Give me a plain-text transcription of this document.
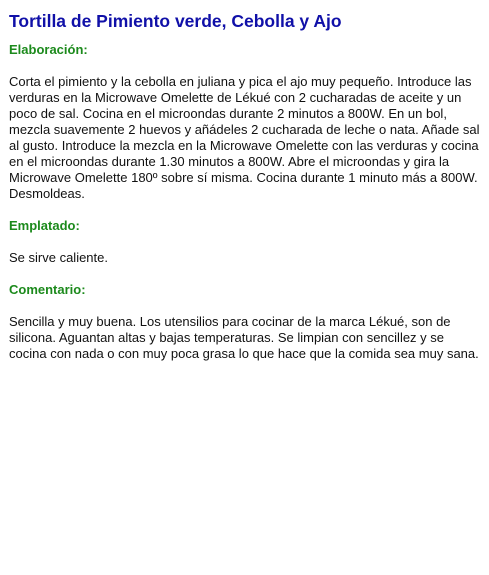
Tortilla de Pimiento verde, Cebolla y Ajo
Elaboración:

Corta el pimiento y la cebolla en juliana y pica el ajo muy pequeño. Introduce las verduras en la Microwave Omelette de Lékué con 2 cucharadas de aceite y un poco de sal. Cocina en el microondas durante 2 minutos a 800W. En un bol, mezcla suavemente 2 huevos y añádeles 2 cucharada de leche o nata. Añade sal al gusto. Introduce la mezcla en la Microwave Omelette con las verduras y cocina en el microondas durante 1.30 minutos a 800W. Abre el microondas y gira la Microwave Omelette 180º sobre sí misma. Cocina durante 1 minuto más a 800W. Desmoldeas.

Emplatado:

Se sirve caliente.

Comentario:

Sencilla y muy buena. Los utensilios para cocinar de la marca Lékué, son de silicona. Aguantan altas y bajas temperaturas. Se limpian con sencillez y se cocina con nada o con muy poca grasa lo que hace que la comida sea muy sana.
